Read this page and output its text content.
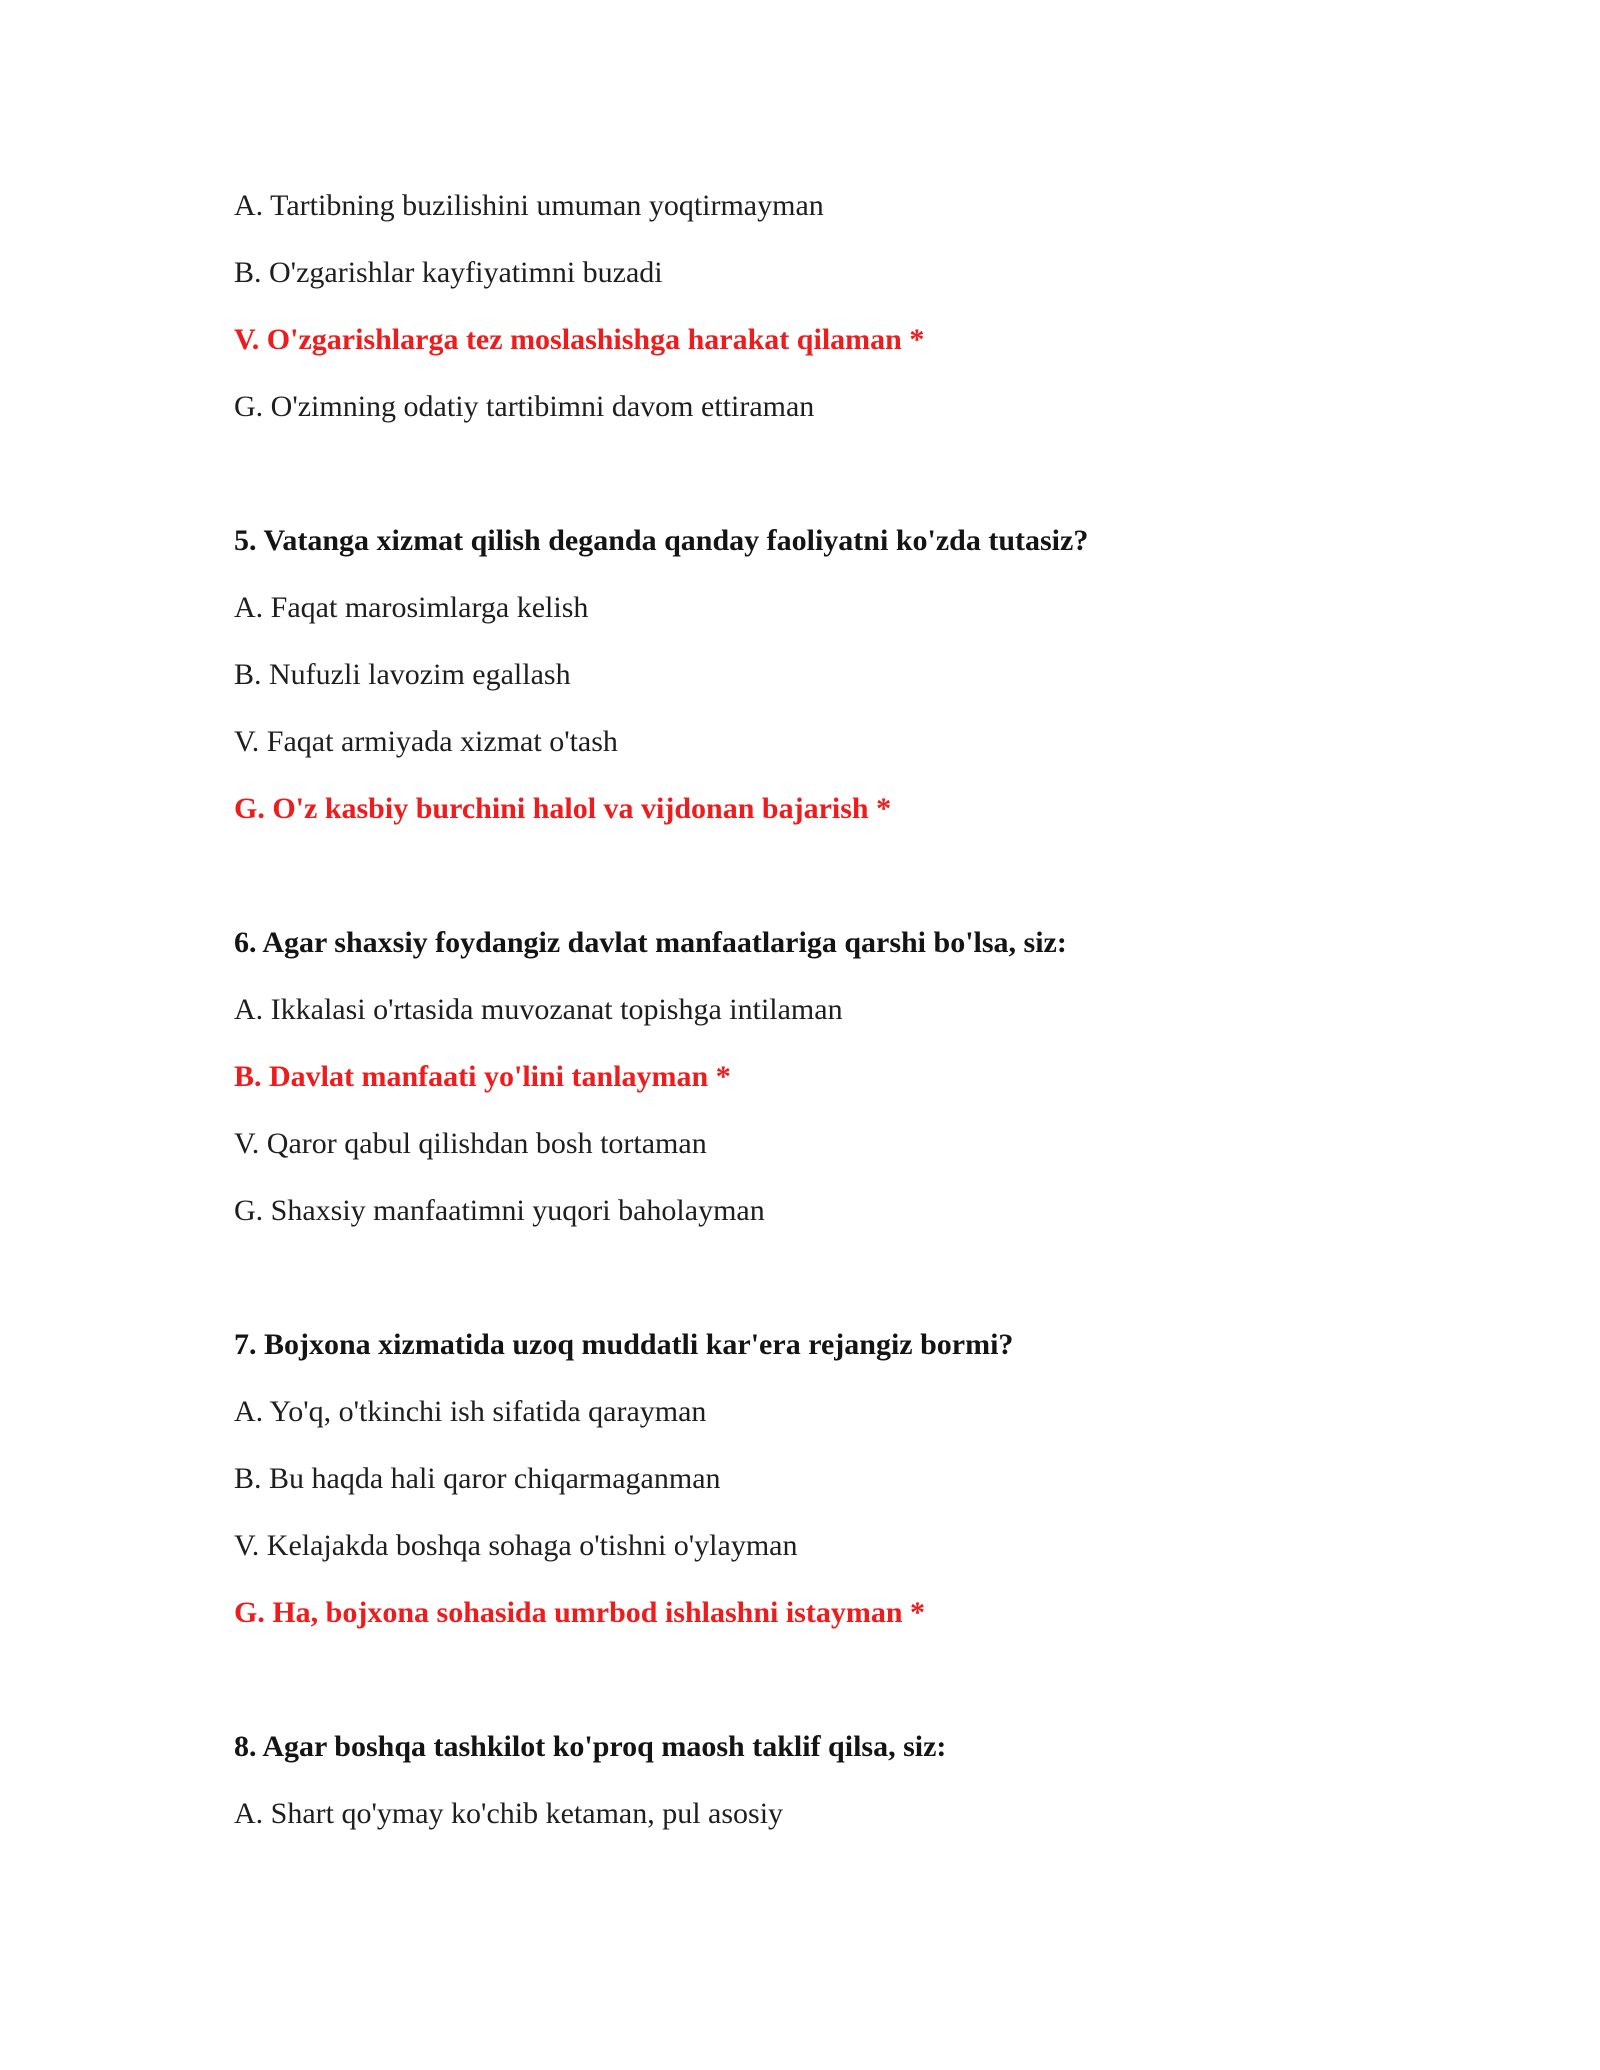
A. Tartibning buzilishini umuman yoqtirmayman
B. O'zgarishlar kayfiyatimni buzadi
V. O'zgarishlarga tez moslashishga harakat qilaman *
G. O'zimning odatiy tartibimni davom ettiraman
5. Vatanga xizmat qilish deganda qanday faoliyatni ko'zda tutasiz?
A. Faqat marosimlarga kelish
B. Nufuzli lavozim egallash
V. Faqat armiyada xizmat o'tash
G. O'z kasbiy burchini halol va vijdonan bajarish *
6. Agar shaxsiy foydangiz davlat manfaatlariga qarshi bo'lsa, siz:
A. Ikkalasi o'rtasida muvozanat topishga intilaman
B. Davlat manfaati yo'lini tanlayman *
V. Qaror qabul qilishdan bosh tortaman
G. Shaxsiy manfaatimni yuqori baholayman
7. Bojxona xizmatida uzoq muddatli kar'era rejangiz bormi?
A. Yo'q, o'tkinchi ish sifatida qarayman
B. Bu haqda hali qaror chiqarmaganman
V. Kelajakda boshqa sohaga o'tishni o'ylayman
G. Ha, bojxona sohasida umrbod ishlashni istayman *
8. Agar boshqa tashkilot ko'proq maosh taklif qilsa, siz:
A. Shart qo'ymay ko'chib ketaman, pul asosiy
